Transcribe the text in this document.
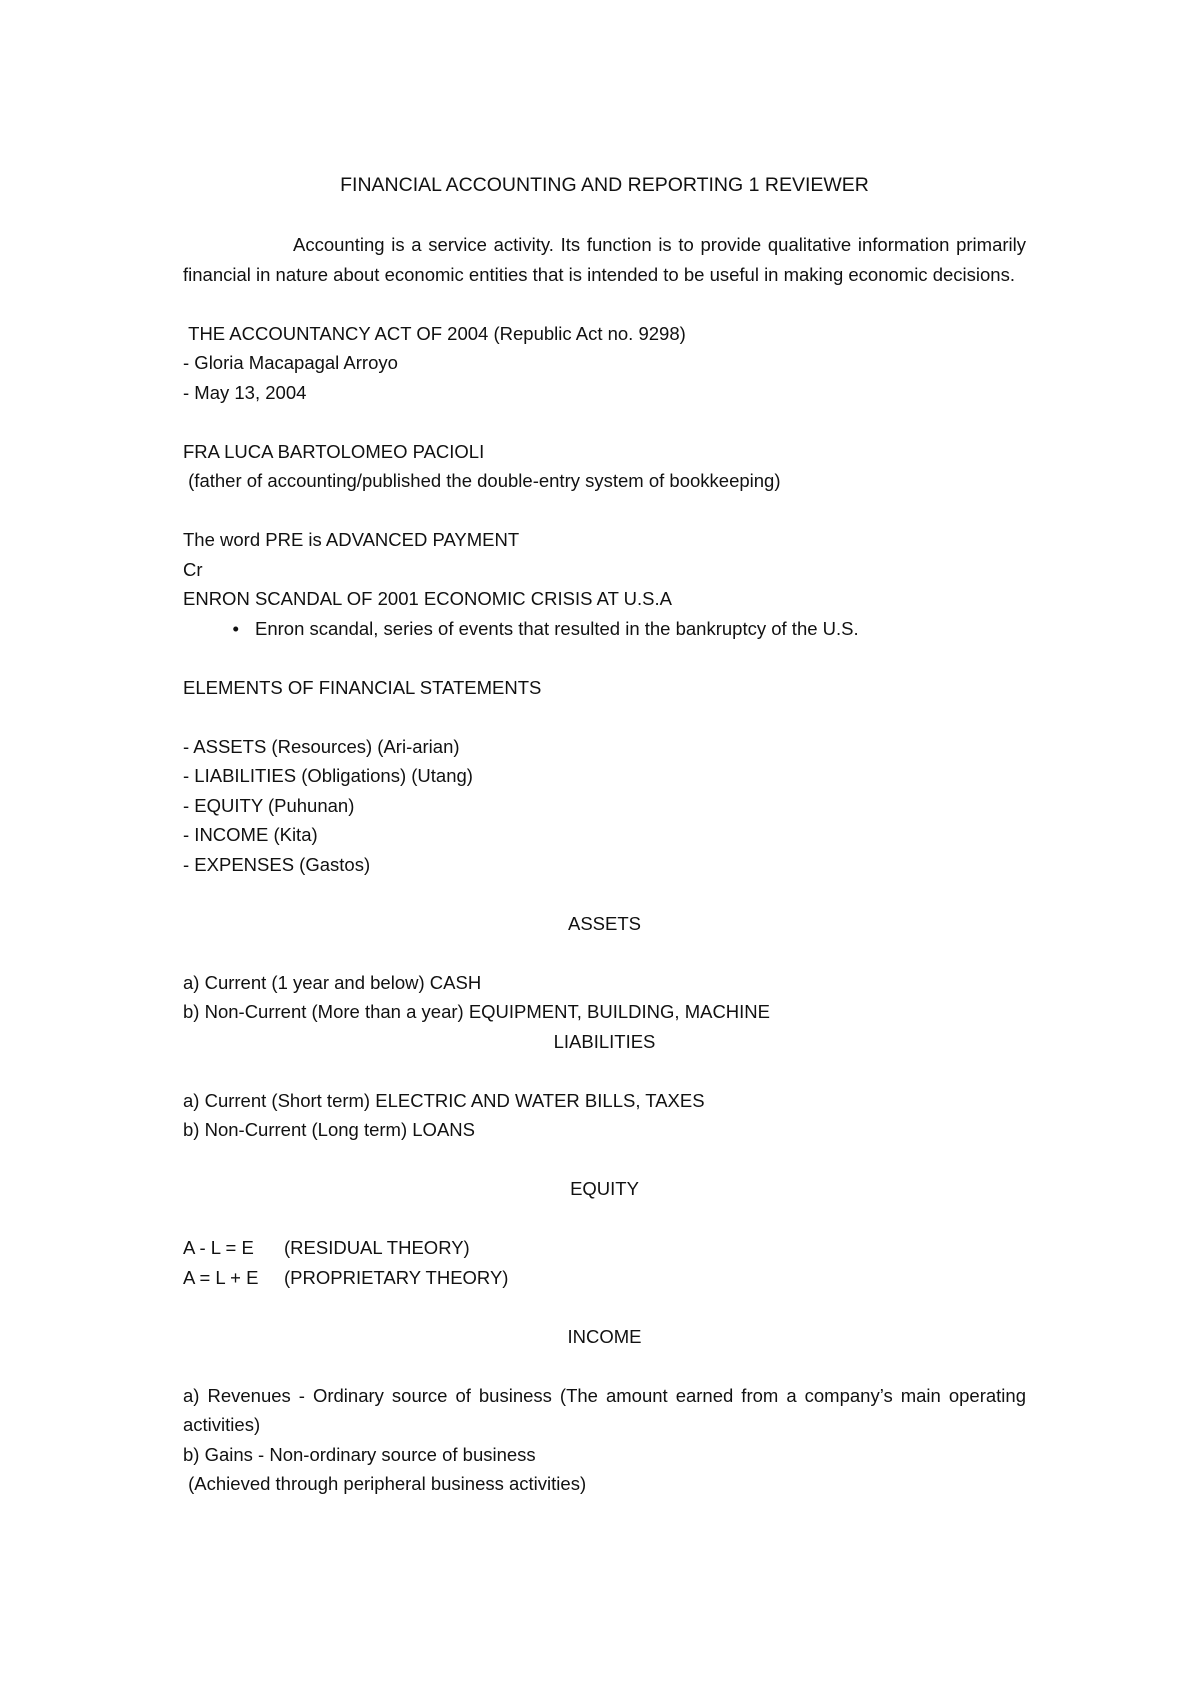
FINANCIAL ACCOUNTING AND REPORTING 1 REVIEWER

Accounting is a service activity. Its function is to provide qualitative information primarily financial in nature about economic entities that is intended to be useful in making economic decisions.

THE ACCOUNTANCY ACT OF 2004 (Republic Act no. 9298)

- Gloria Macapagal Arroyo

- May 13, 2004

FRA LUCA BARTOLOMEO PACIOLI

(father of accounting/published the double-entry system of bookkeeping)

The word PRE is ADVANCED PAYMENT

Cr

ENRON SCANDAL OF 2001 ECONOMIC CRISIS AT U.S.A

• Enron scandal, series of events that resulted in the bankruptcy of the U.S.

ELEMENTS OF FINANCIAL STATEMENTS

- ASSETS (Resources) (Ari-arian)

- LIABILITIES (Obligations) (Utang)

- EQUITY (Puhunan)

- INCOME (Kita)

- EXPENSES (Gastos)

ASSETS

a) Current (1 year and below) CASH

b) Non-Current (More than a year) EQUIPMENT, BUILDING, MACHINE

LIABILITIES

a) Current (Short term) ELECTRIC AND WATER BILLS, TAXES

b) Non-Current (Long term) LOANS

EQUITY

A - L = E	(RESIDUAL THEORY)
A = L + E	(PROPRIETARY THEORY)

INCOME

a) Revenues - Ordinary source of business (The amount earned from a company’s main operating activities)

b) Gains - Non-ordinary source of business

(Achieved through peripheral business activities)
